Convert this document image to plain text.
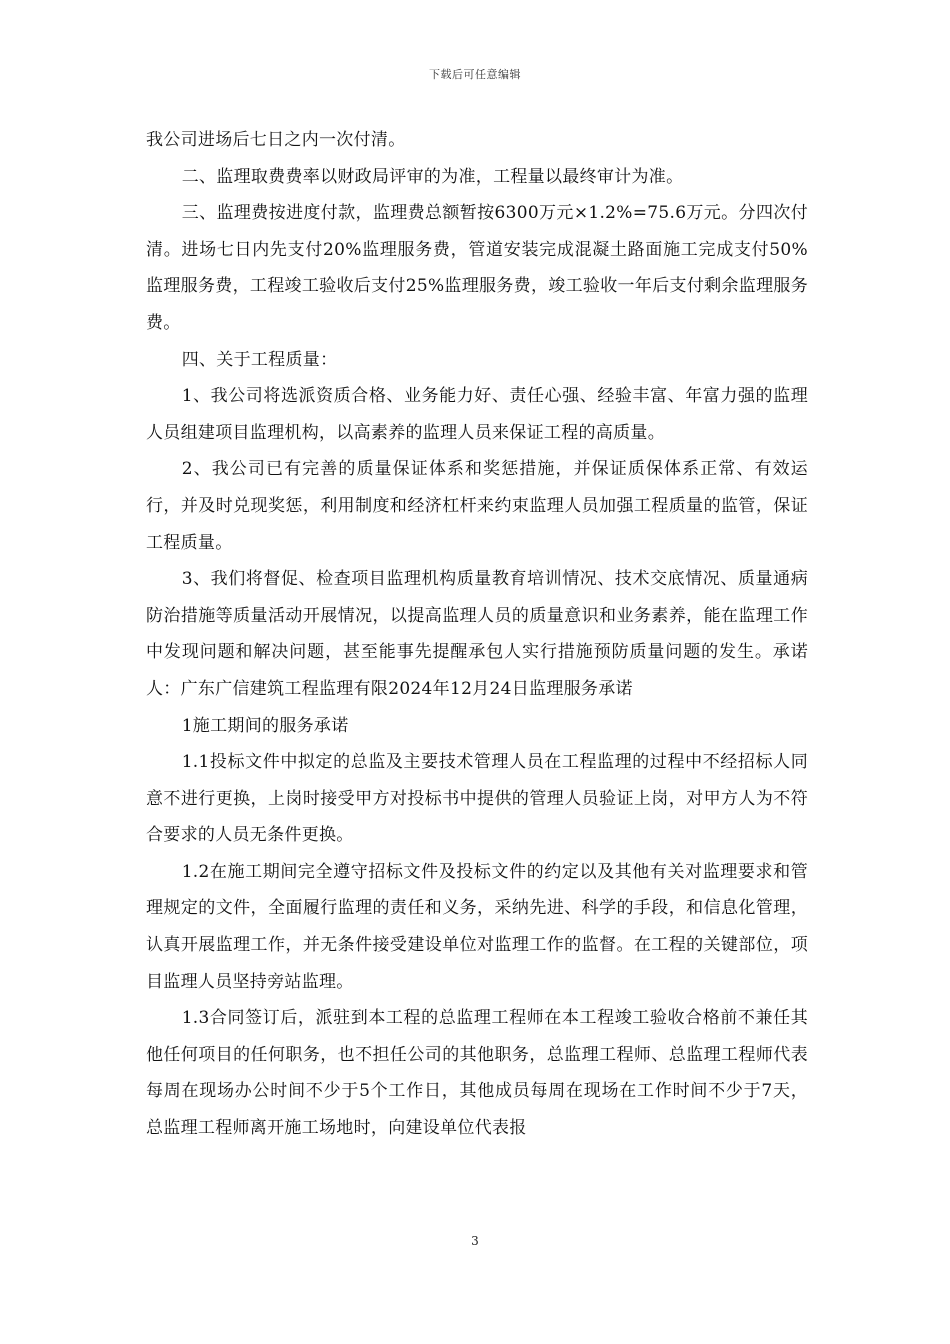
下载后可任意编辑

我公司进场后七日之内一次付清。

二、监理取费费率以财政局评审的为准，工程量以最终审计为准。

三、监理费按进度付款，监理费总额暂按6300万元×1.2%=75.6万元。分四次付清。进场七日内先支付20%监理服务费，管道安装完成混凝土路面施工完成支付50%监理服务费，工程竣工验收后支付25%监理服务费，竣工验收一年后支付剩余监理服务费。

四、关于工程质量：

1、我公司将选派资质合格、业务能力好、责任心强、经验丰富、年富力强的监理人员组建项目监理机构，以高素养的监理人员来保证工程的高质量。

2、我公司已有完善的质量保证体系和奖惩措施，并保证质保体系正常、有效运行，并及时兑现奖惩，利用制度和经济杠杆来约束监理人员加强工程质量的监管，保证工程质量。

3、我们将督促、检查项目监理机构质量教育培训情况、技术交底情况、质量通病防治措施等质量活动开展情况，以提高监理人员的质量意识和业务素养，能在监理工作中发现问题和解决问题，甚至能事先提醒承包人实行措施预防质量问题的发生。承诺人：广东广信建筑工程监理有限2024年12月24日监理服务承诺

1施工期间的服务承诺

1.1投标文件中拟定的总监及主要技术管理人员在工程监理的过程中不经招标人同意不进行更换，上岗时接受甲方对投标书中提供的管理人员验证上岗，对甲方人为不符合要求的人员无条件更换。

1.2在施工期间完全遵守招标文件及投标文件的约定以及其他有关对监理要求和管理规定的文件，全面履行监理的责任和义务，采纳先进、科学的手段，和信息化管理，认真开展监理工作，并无条件接受建设单位对监理工作的监督。在工程的关键部位，项目监理人员坚持旁站监理。

1.3合同签订后，派驻到本工程的总监理工程师在本工程竣工验收合格前不兼任其他任何项目的任何职务，也不担任公司的其他职务，总监理工程师、总监理工程师代表每周在现场办公时间不少于5个工作日，其他成员每周在现场在工作时间不少于7天，总监理工程师离开施工场地时，向建设单位代表报

3
